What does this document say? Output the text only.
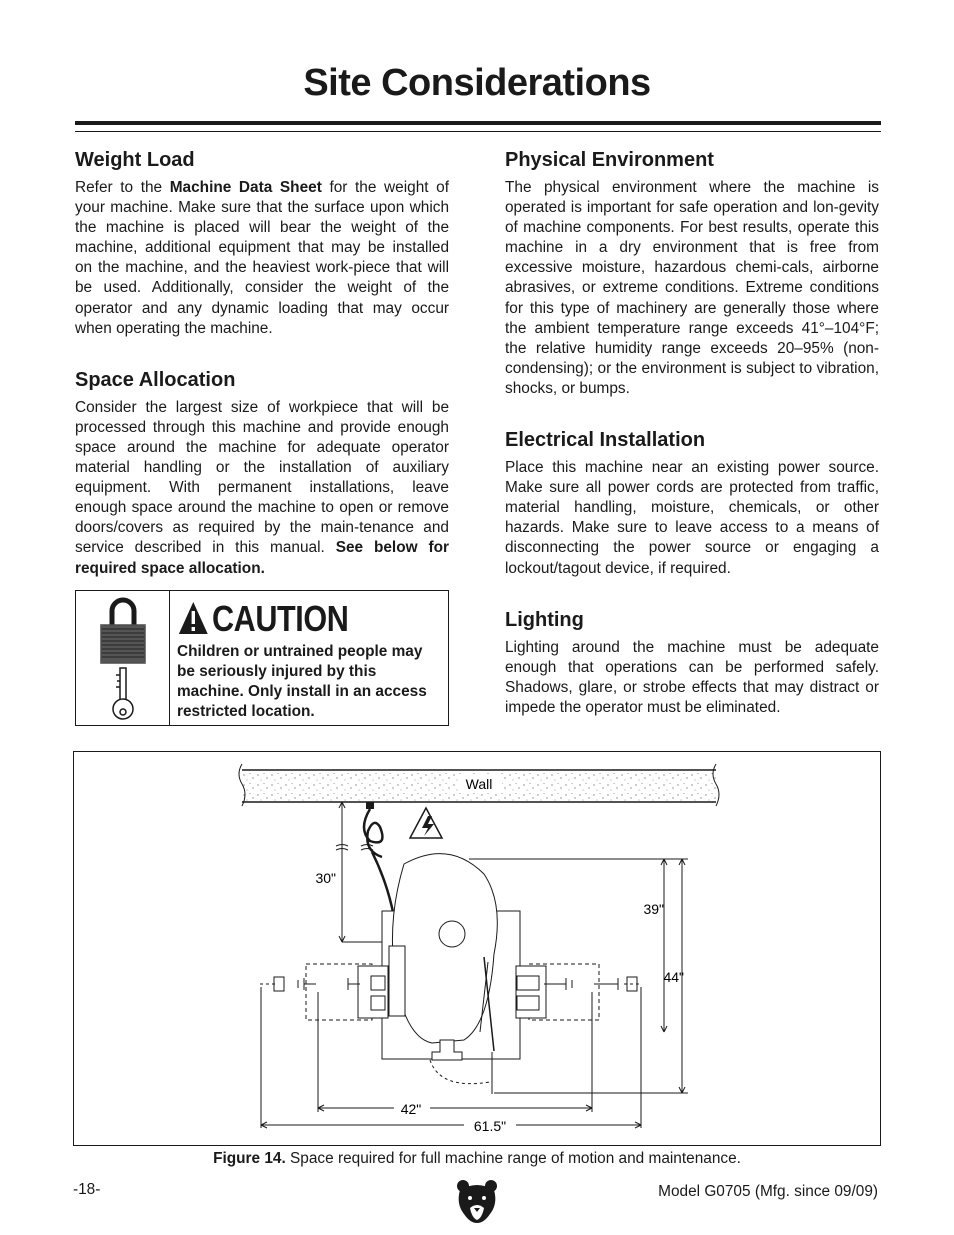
Site Considerations
Weight Load

Refer to the Machine Data Sheet for the weight of your machine. Make sure that the surface upon which the machine is placed will bear the weight of the machine, additional equipment that may be installed on the machine, and the heaviest work-piece that will be used. Additionally, consider the weight of the operator and any dynamic loading that may occur when operating the machine.

Space Allocation

Consider the largest size of workpiece that will be processed through this machine and provide enough space around the machine for adequate operator material handling or the installation of auxiliary equipment. With permanent installations, leave enough space around the machine to open or remove doors/covers as required by the main-tenance and service described in this manual. See below for required space allocation.

CAUTION
Children or untrained people may be seriously injured by this machine. Only install in an access restricted location.
Physical Environment

The physical environment where the machine is operated is important for safe operation and lon-gevity of machine components. For best results, operate this machine in a dry environment that is free from excessive moisture, hazardous chemi-cals, airborne abrasives, or extreme conditions. Extreme conditions for this type of machinery are generally those where the ambient temperature range exceeds 41°–104°F; the relative humidity range exceeds 20–95% (non-condensing); or the environment is subject to vibration, shocks, or bumps.

Electrical Installation

Place this machine near an existing power source. Make sure all power cords are protected from traffic, material handling, moisture, chemicals, or other hazards. Make sure to leave access to a means of disconnecting the power source or engaging a lockout/tagout device, if required.

Lighting

Lighting around the machine must be adequate enough that operations can be performed safely. Shadows, glare, or strobe effects that may distract or impede the operator must be eliminated.

Wall
30"
39"
44"
42"
61.5"
Figure 14. Space required for full machine range of motion and maintenance.
-18-	Model G0705 (Mfg. since 09/09)
